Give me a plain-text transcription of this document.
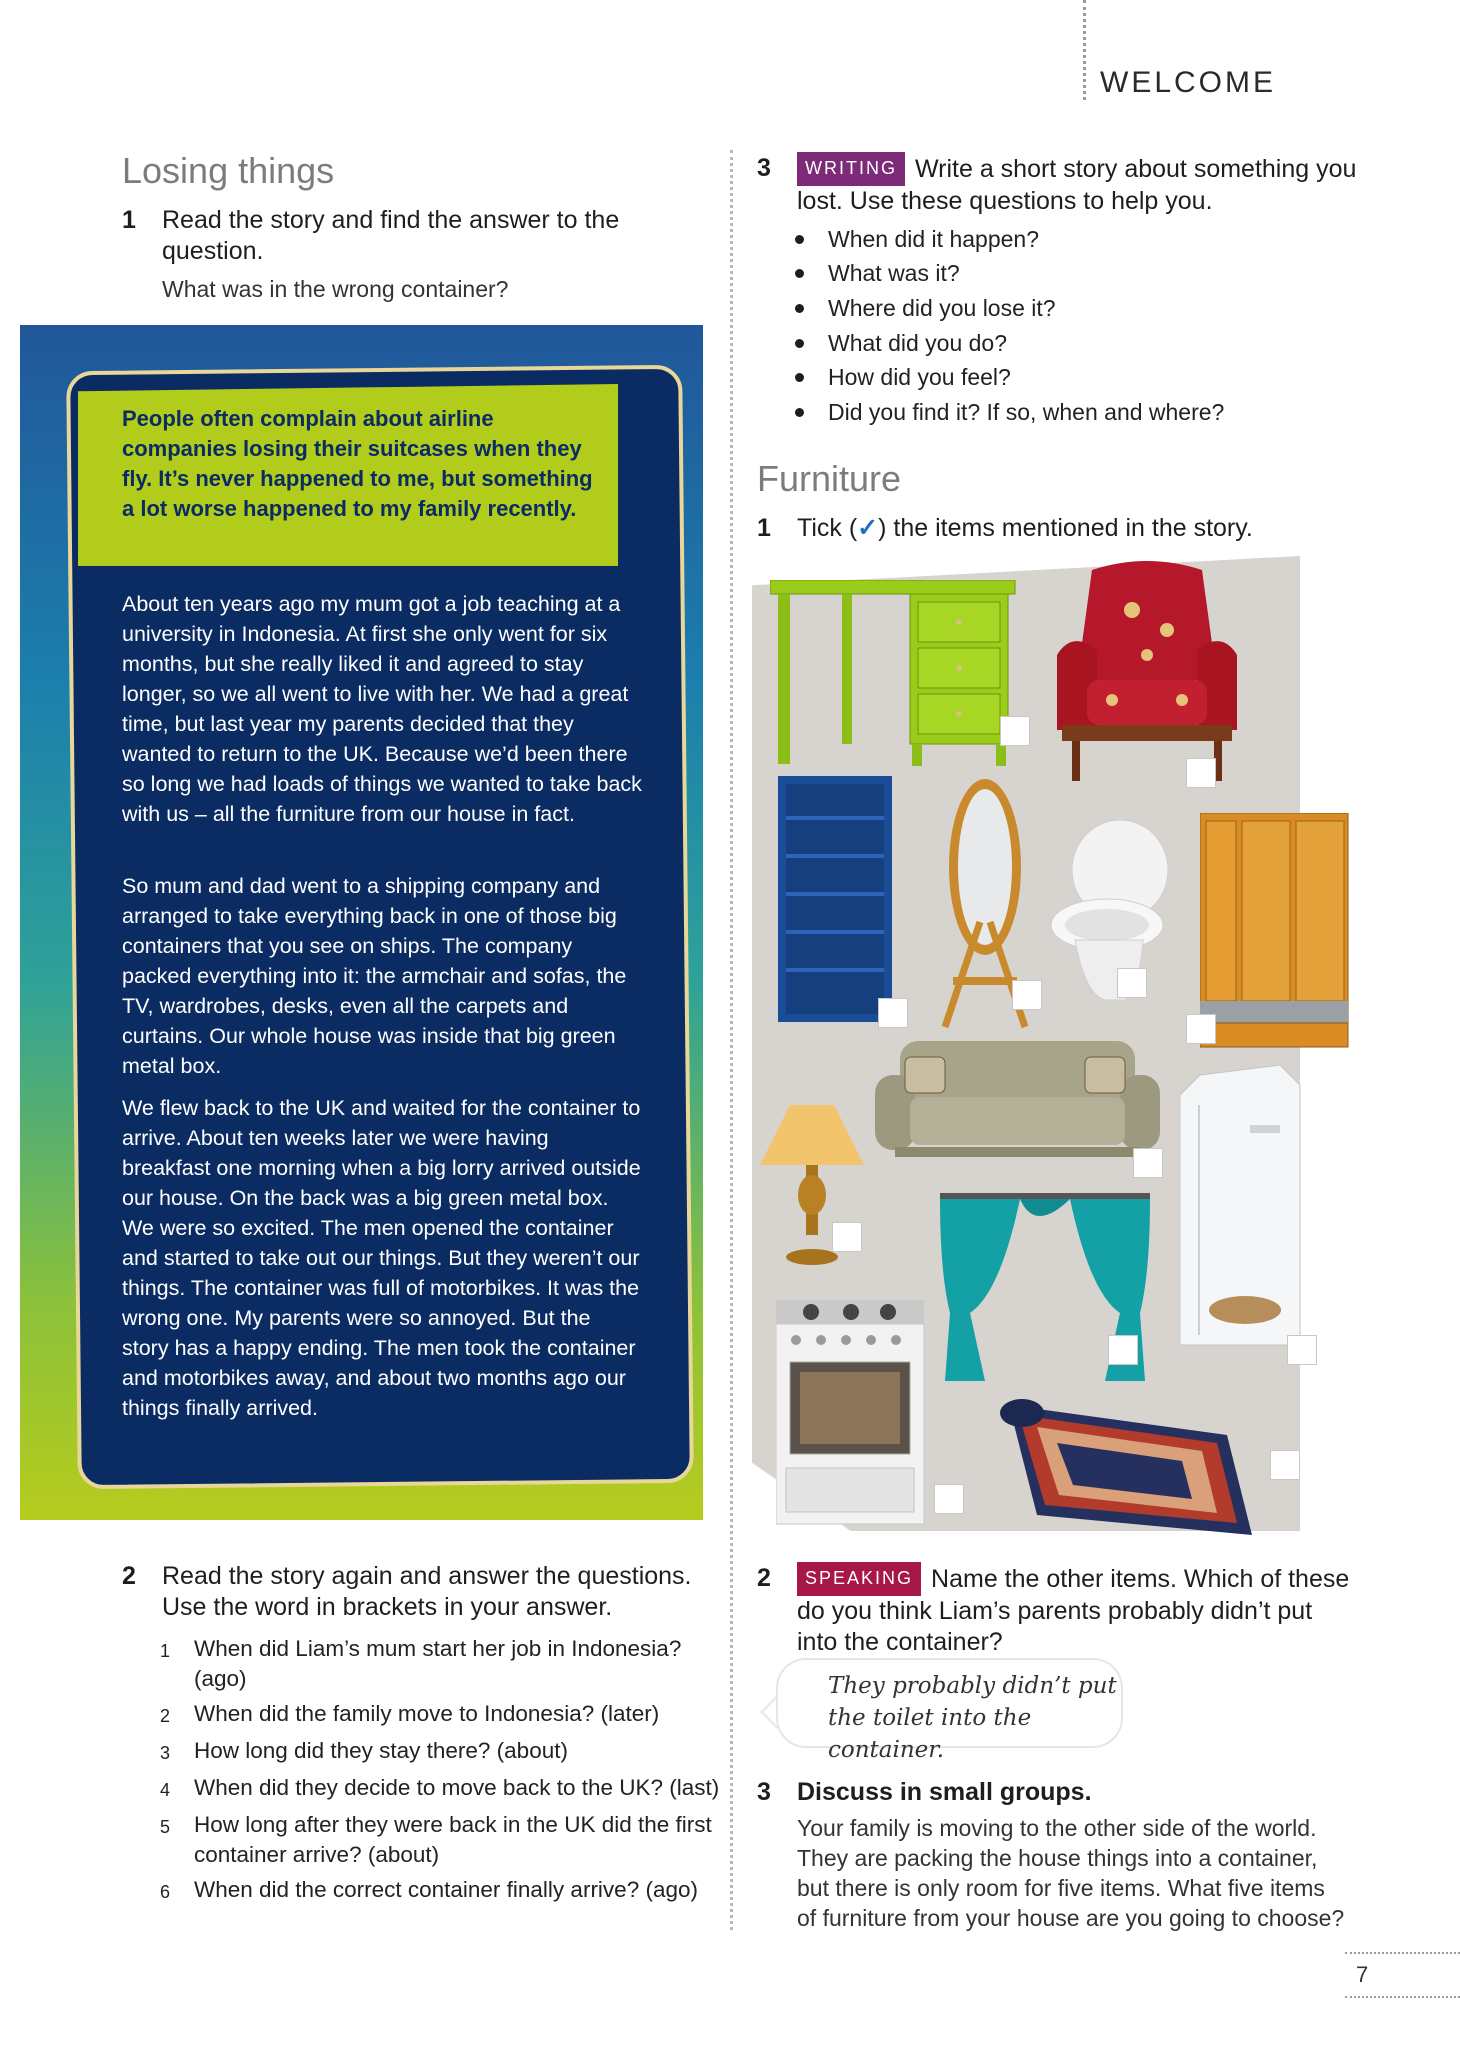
WELCOME
Losing things
1 Read the story and find the answer to the question.
What was in the wrong container?
People often complain about airline companies losing their suitcases when they fly. It’s never happened to me, but something a lot worse happened to my family recently.
About ten years ago my mum got a job teaching at a university in Indonesia. At first she only went for six months, but she really liked it and agreed to stay longer, so we all went to live with her. We had a great time, but last year my parents decided that they wanted to return to the UK. Because we’d been there so long we had loads of things we wanted to take back with us – all the furniture from our house in fact.
So mum and dad went to a shipping company and arranged to take everything back in one of those big containers that you see on ships. The company packed everything into it: the armchair and sofas, the TV, wardrobes, desks, even all the carpets and curtains. Our whole house was inside that big green metal box.
We flew back to the UK and waited for the container to arrive. About ten weeks later we were having breakfast one morning when a big lorry arrived outside our house. On the back was a big green metal box. We were so excited. The men opened the container and started to take out our things. But they weren’t our things. The container was full of motorbikes. It was the wrong one. My parents were so annoyed. But the story has a happy ending. The men took the container and motorbikes away, and about two months ago our things finally arrived.
2 Read the story again and answer the questions. Use the word in brackets in your answer.
1	When did Liam’s mum start her job in Indonesia? (ago)
2	When did the family move to Indonesia? (later)
3	How long did they stay there? (about)
4	When did they decide to move back to the UK? (last)
5	How long after they were back in the UK did the first container arrive? (about)
6	When did the correct container finally arrive? (ago)
3	WRITING Write a short story about something you lost. Use these questions to help you.
When did it happen?
What was it?
Where did you lose it?
What did you do?
How did you feel?
Did you find it? If so, when and where?
Furniture
1 Tick (✓) the items mentioned in the story.
2	SPEAKING Name the other items. Which of these do you think Liam’s parents probably didn’t put into the container?
They probably didn’t put the toilet into the container.
3 Discuss in small groups.
Your family is moving to the other side of the world. They are packing the house things into a container, but there is only room for five items. What five items of furniture from your house are you going to choose?
7
